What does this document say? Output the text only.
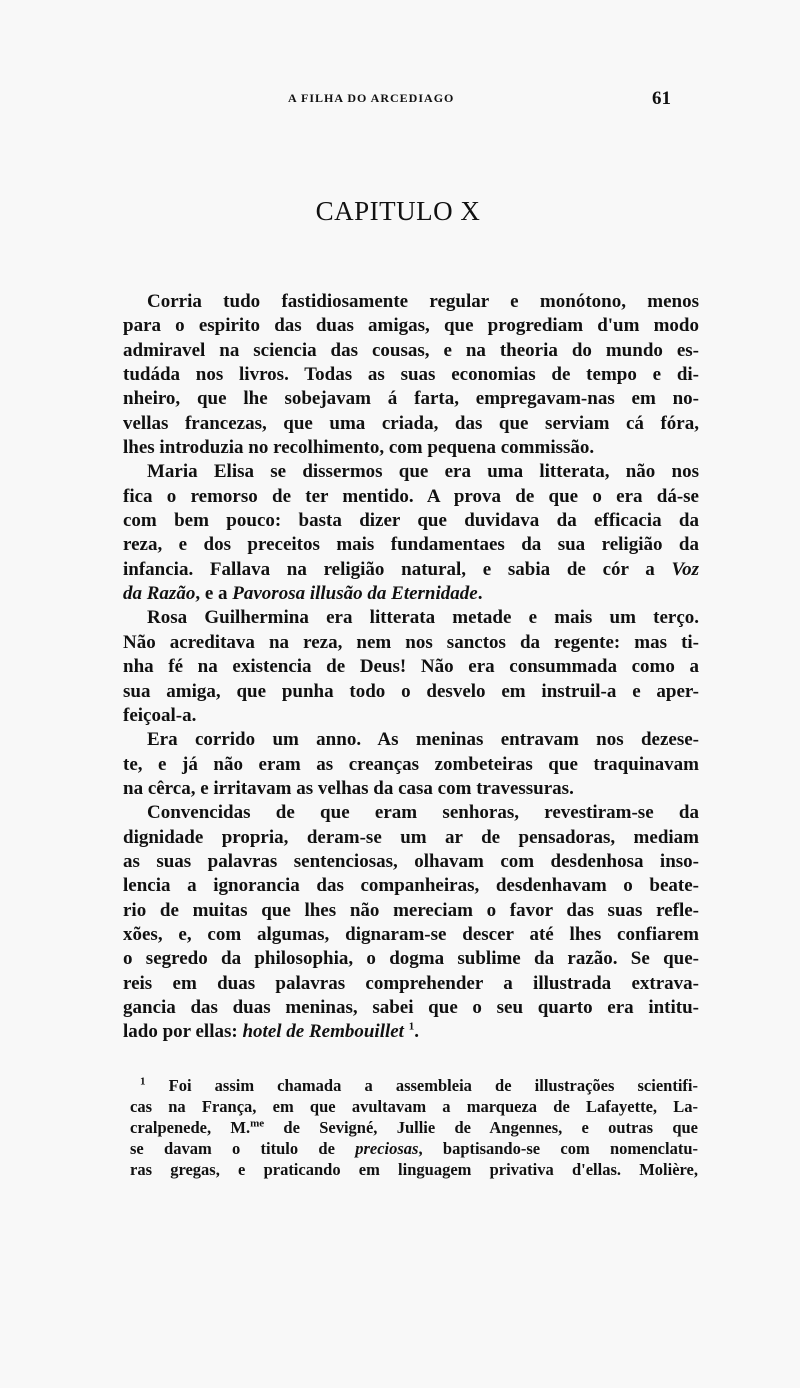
A FILHA DO ARCEDIAGO	61
CAPITULO X
Corria tudo fastidiosamente regular e monótono, menos
para o espirito das duas amigas, que progrediam d'um modo
admiravel na sciencia das cousas, e na theoria do mundo es-
tudáda nos livros. Todas as suas economias de tempo e di-
nheiro, que lhe sobejavam á farta, empregavam-nas em no-
vellas francezas, que uma criada, das que serviam cá fóra,
lhes introduzia no recolhimento, com pequena commissão.
Maria Elisa se dissermos que era uma litterata, não nos
fica o remorso de ter mentido. A prova de que o era dá-se
com bem pouco: basta dizer que duvidava da efficacia da
reza, e dos preceitos mais fundamentaes da sua religião da
infancia. Fallava na religião natural, e sabia de cór a Voz
da Razão, e a Pavorosa illusão da Eternidade.
Rosa Guilhermina era litterata metade e mais um terço.
Não acreditava na reza, nem nos sanctos da regente: mas ti-
nha fé na existencia de Deus! Não era consummada como a
sua amiga, que punha todo o desvelo em instruil-a e aper-
feiçoal-a.
Era corrido um anno. As meninas entravam nos dezese-
te, e já não eram as creanças zombeteiras que traquinavam
na cêrca, e irritavam as velhas da casa com travessuras.
Convencidas de que eram senhoras, revestiram-se da
dignidade propria, deram-se um ar de pensadoras, mediam
as suas palavras sentenciosas, olhavam com desdenhosa inso-
lencia a ignorancia das companheiras, desdenhavam o beate-
rio de muitas que lhes não mereciam o favor das suas refle-
xões, e, com algumas, dignaram-se descer até lhes confiarem
o segredo da philosophia, o dogma sublime da razão. Se que-
reis em duas palavras comprehender a illustrada extrava-
gancia das duas meninas, sabei que o seu quarto era intitu-
lado por ellas: hotel de Rembouillet $^1$.
$^1$ Foi assim chamada a assembleia de illustrações scientifi-
cas na França, em que avultavam a marqueza de Lafayette, La-
cralpenede, M.$^{me}$ de Sevigné, Jullie de Angennes, e outras que
se davam o titulo de preciosas, baptisando-se com nomenclatu-
ras gregas, e praticando em linguagem privativa d'ellas. Molière,
